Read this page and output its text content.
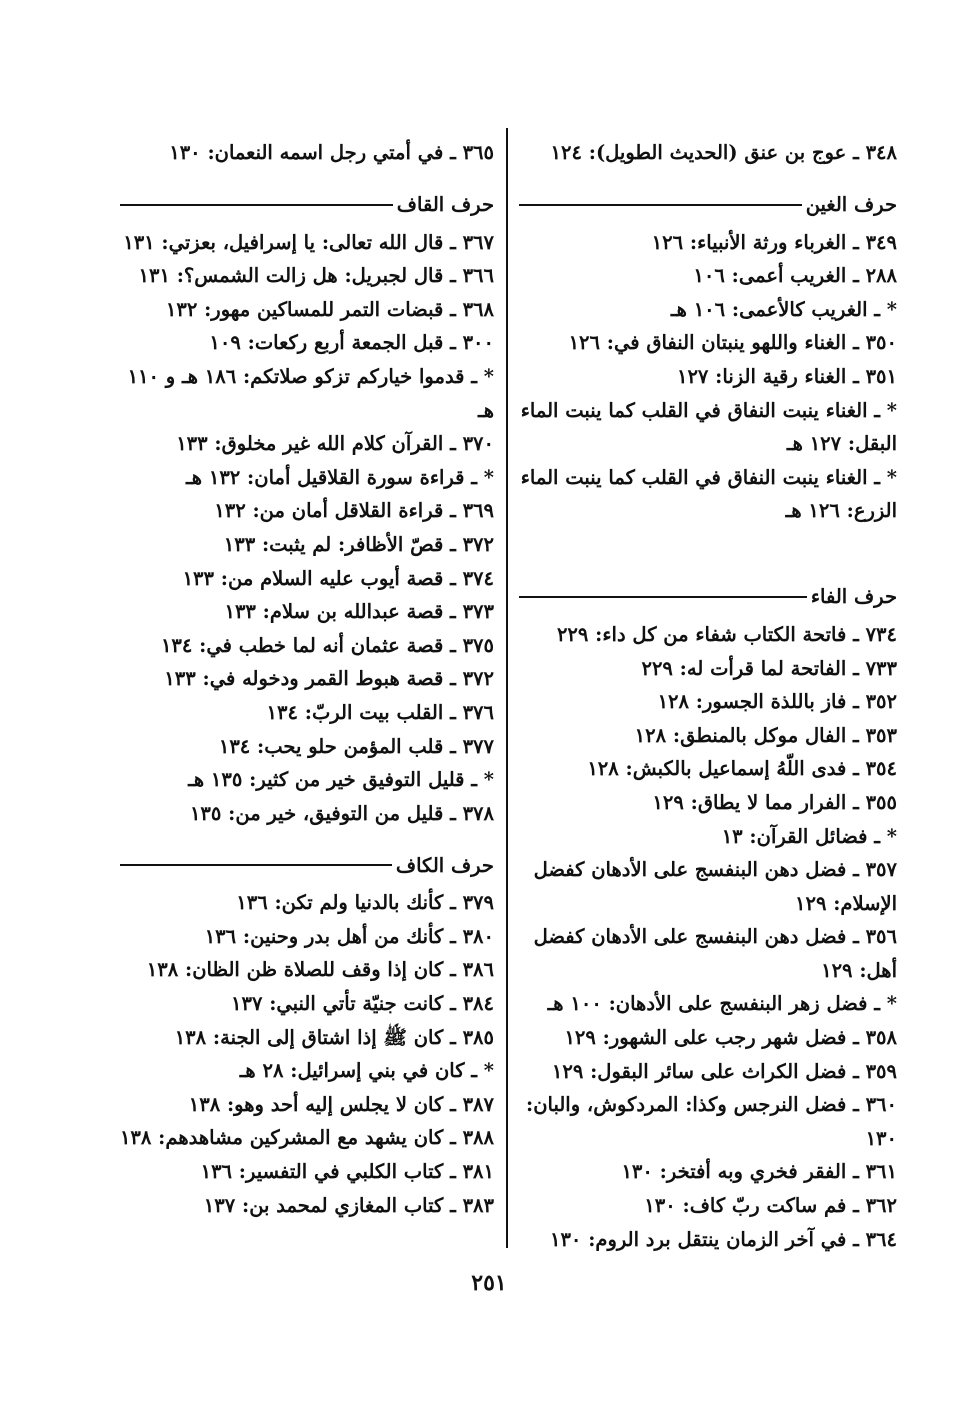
٣٤٨ ـ عوج بن عنق (الحديث الطويل): ١٢٤
حرف الغين
٣٤٩ ـ الغرباء ورثة الأنبياء: ١٢٦
٢٨٨ ـ الغريب أعمى: ١٠٦
* ـ الغريب كالأعمى: ١٠٦ هـ
٣٥٠ ـ الغناء واللهو ينبتان النفاق في: ١٢٦
٣٥١ ـ الغناء رقية الزنا: ١٢٧
* ـ الغناء ينبت النفاق في القلب كما ينبت الماء البقل: ١٢٧ هـ
* ـ الغناء ينبت النفاق في القلب كما ينبت الماء الزرع: ١٢٦ هـ
حرف الفاء
٧٣٤ ـ فاتحة الكتاب شفاء من كل داء: ٢٢٩
٧٣٣ ـ الفاتحة لما قرأت له: ٢٢٩
٣٥٢ ـ فاز باللذة الجسور: ١٢٨
٣٥٣ ـ الفال موكل بالمنطق: ١٢٨
٣٥٤ ـ فدى اللّهُ إسماعيل بالكبش: ١٢٨
٣٥٥ ـ الفرار مما لا يطاق: ١٢٩
* ـ فضائل القرآن: ١٣
٣٥٧ ـ فضل دهن البنفسج على الأدهان كفضل الإسلام: ١٢٩
٣٥٦ ـ فضل دهن البنفسج على الأدهان كفضل أهل: ١٢٩
* ـ فضل زهر البنفسج على الأدهان: ١٠٠ هـ
٣٥٨ ـ فضل شهر رجب على الشهور: ١٢٩
٣٥٩ ـ فضل الكراث على سائر البقول: ١٢٩
٣٦٠ ـ فضل النرجس وكذا: المردكوش، والبان: ١٣٠
٣٦١ ـ الفقر فخري وبه أفتخر: ١٣٠
٣٦٢ ـ فم ساكت ربّ كاف: ١٣٠
٣٦٤ ـ في آخر الزمان ينتقل برد الروم: ١٣٠
٣٦٥ ـ في أمتي رجل اسمه النعمان: ١٣٠
حرف القاف
٣٦٧ ـ قال الله تعالى: يا إسرافيل، بعزتي: ١٣١
٣٦٦ ـ قال لجبريل: هل زالت الشمس؟: ١٣١
٣٦٨ ـ قبضات التمر للمساكين مهور: ١٣٢
٣٠٠ ـ قبل الجمعة أربع ركعات: ١٠٩
* ـ قدموا خياركم تزكو صلاتكم: ١٨٦ هـ و ١١٠ هـ
٣٧٠ ـ القرآن كلام الله غير مخلوق: ١٣٣
* ـ قراءة سورة القلاقيل أمان: ١٣٢ هـ
٣٦٩ ـ قراءة القلاقل أمان من: ١٣٢
٣٧٢ ـ قصّ الأظافر: لم يثبت: ١٣٣
٣٧٤ ـ قصة أيوب عليه السلام من: ١٣٣
٣٧٣ ـ قصة عبدالله بن سلام: ١٣٣
٣٧٥ ـ قصة عثمان أنه لما خطب في: ١٣٤
٣٧٢ ـ قصة هبوط القمر ودخوله في: ١٣٣
٣٧٦ ـ القلب بيت الربّ: ١٣٤
٣٧٧ ـ قلب المؤمن حلو يحب: ١٣٤
* ـ قليل التوفيق خير من كثير: ١٣٥ هـ
٣٧٨ ـ قليل من التوفيق، خير من: ١٣٥
حرف الكاف
٣٧٩ ـ كأنك بالدنيا ولم تكن: ١٣٦
٣٨٠ ـ كأنك من أهل بدر وحنين: ١٣٦
٣٨٦ ـ كان إذا وقف للصلاة ظن الظان: ١٣٨
٣٨٤ ـ كانت جنيّة تأتي النبي: ١٣٧
٣٨٥ ـ كان ﷺ إذا اشتاق إلى الجنة: ١٣٨
* ـ كان في بني إسرائيل: ٢٨ هـ
٣٨٧ ـ كان لا يجلس إليه أحد وهو: ١٣٨
٣٨٨ ـ كان يشهد مع المشركين مشاهدهم: ١٣٨
٣٨١ ـ كتاب الكلبي في التفسير: ١٣٦
٣٨٣ ـ كتاب المغازي لمحمد بن: ١٣٧
٢٥١
